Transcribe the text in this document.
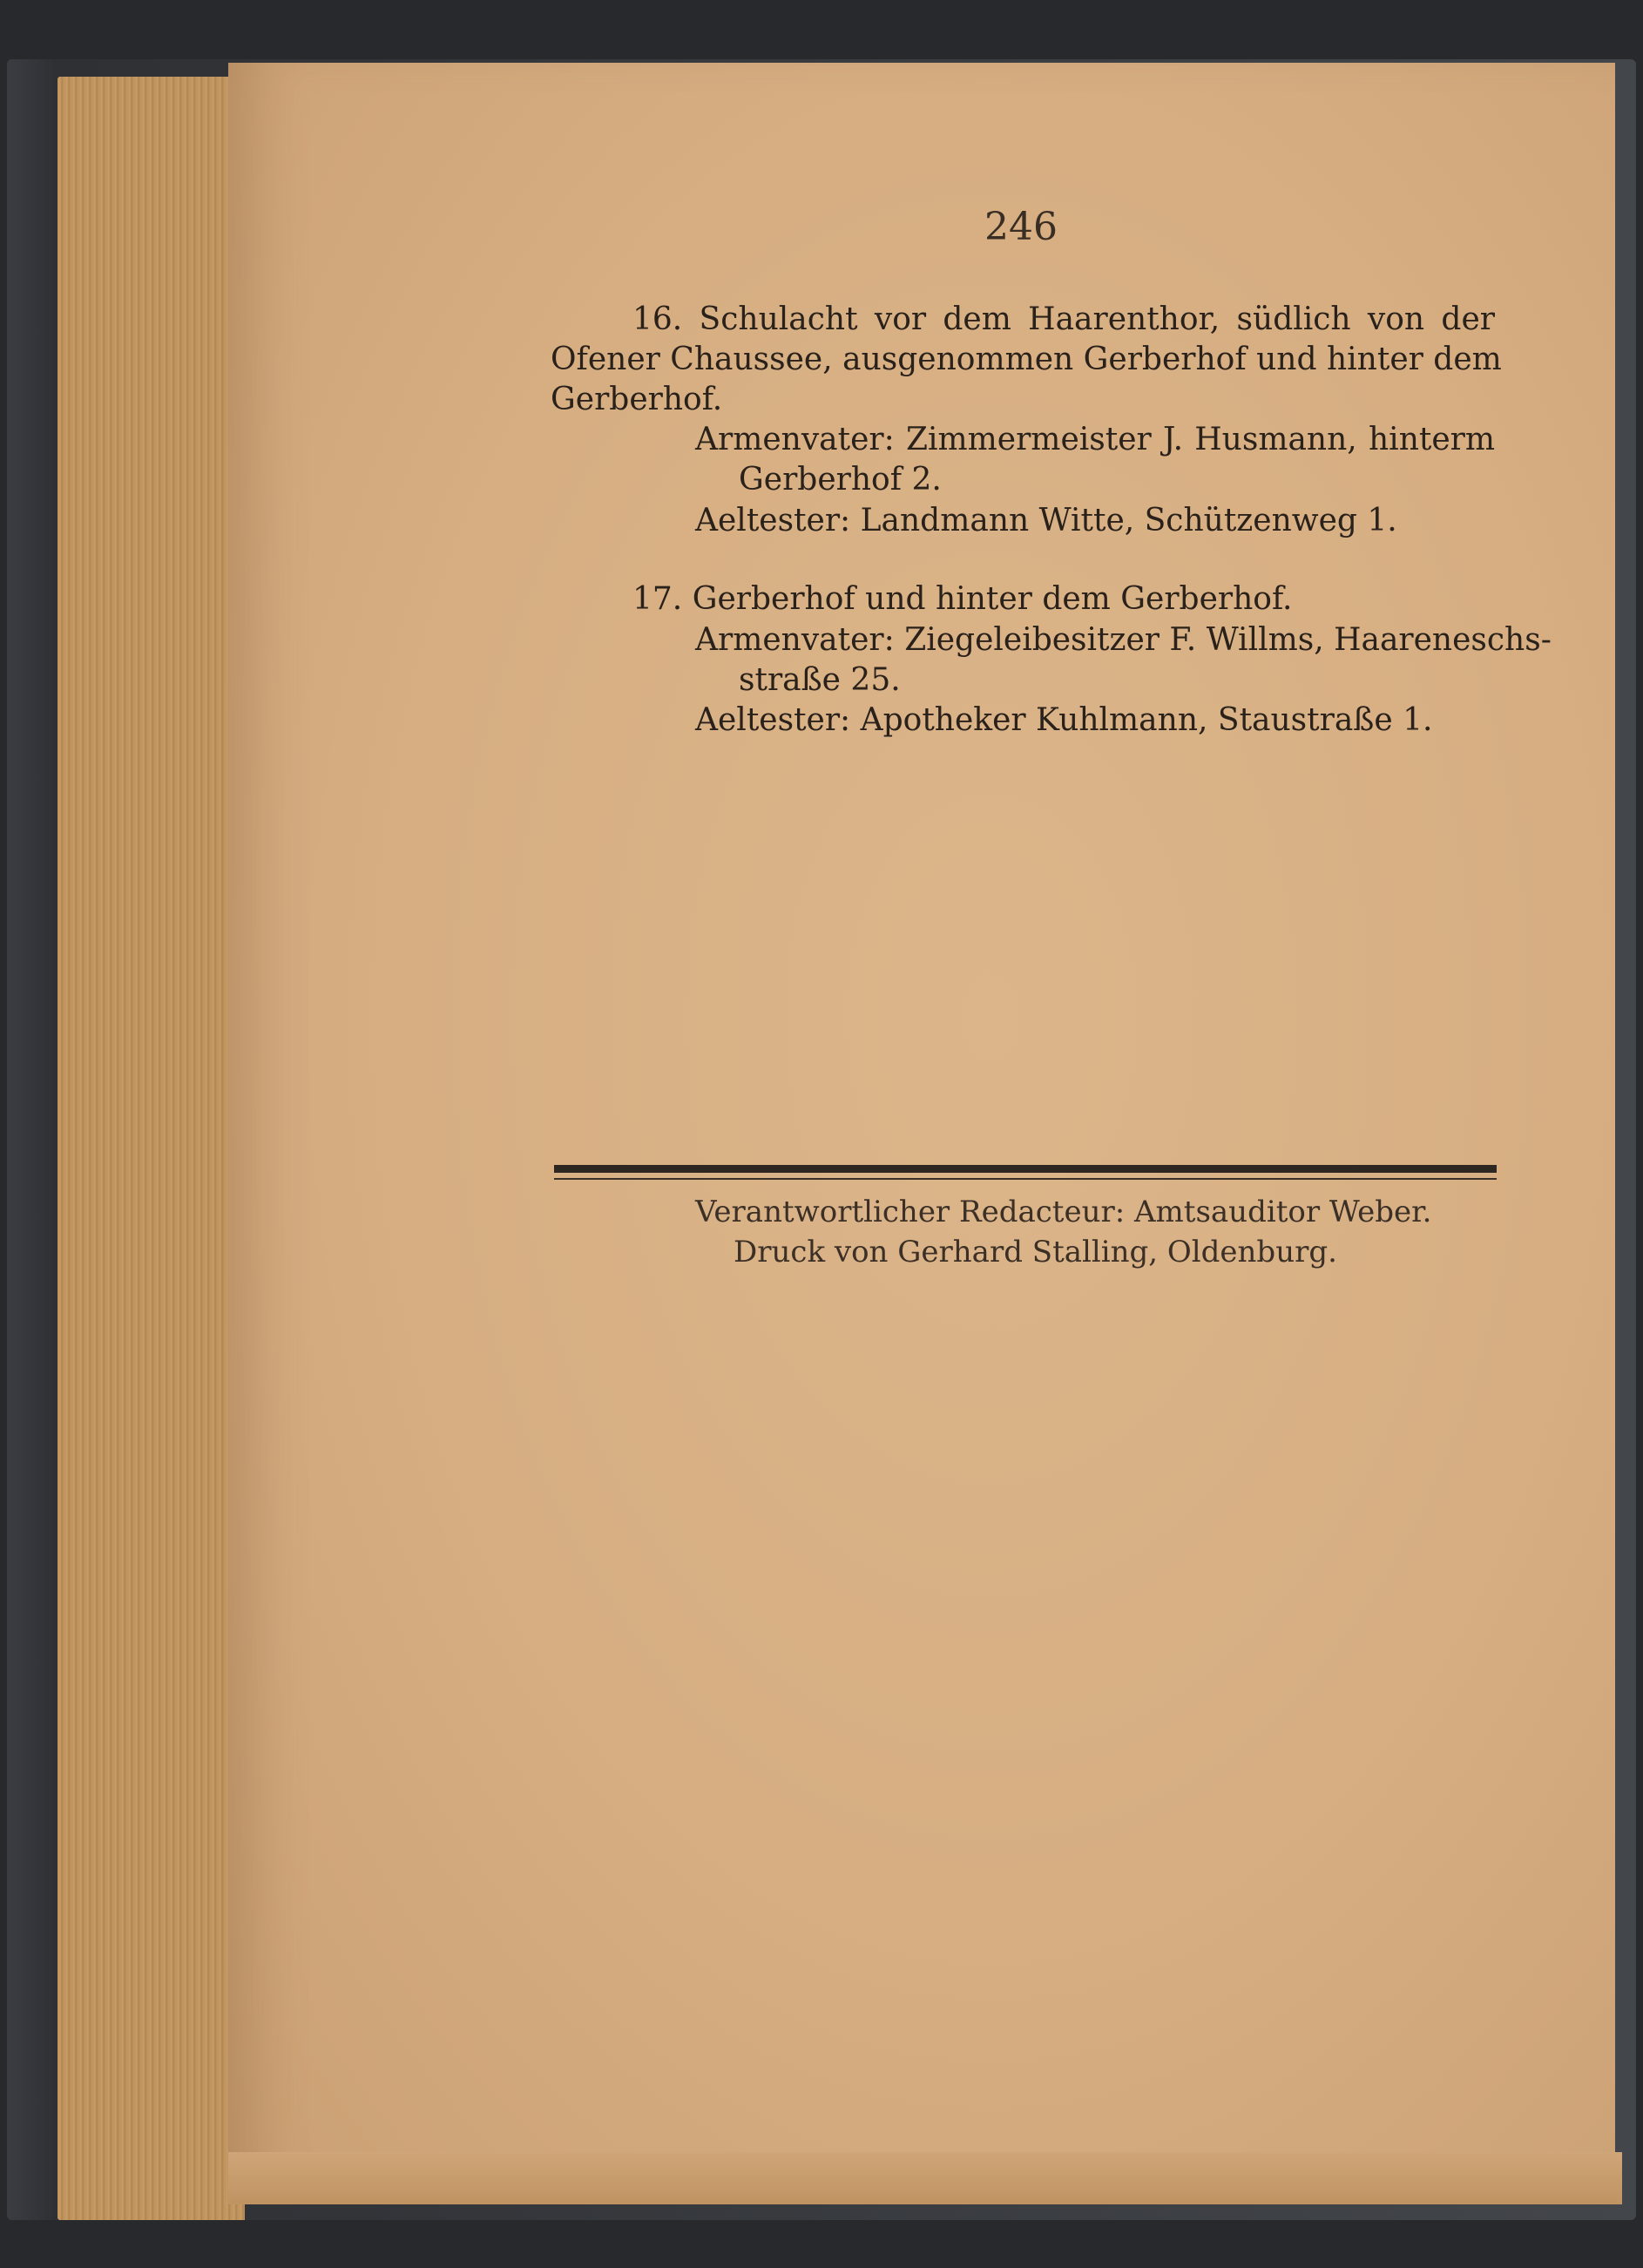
246
16. Schulacht vor dem Haarenthor, südlich von der
Ofener Chaussee, ausgenommen Gerberhof und hinter dem
Gerberhof.
Armenvater: Zimmermeister J. Husmann, hinterm
Gerberhof 2.
Aeltester: Landmann Witte, Schützenweg 1.
17. Gerberhof und hinter dem Gerberhof.
Armenvater: Ziegeleibesitzer F. Willms, Haareneschs-
straße 25.
Aeltester: Apotheker Kuhlmann, Staustraße 1.
Verantwortlicher Redacteur: Amtsauditor Weber.
Druck von Gerhard Stalling, Oldenburg.
